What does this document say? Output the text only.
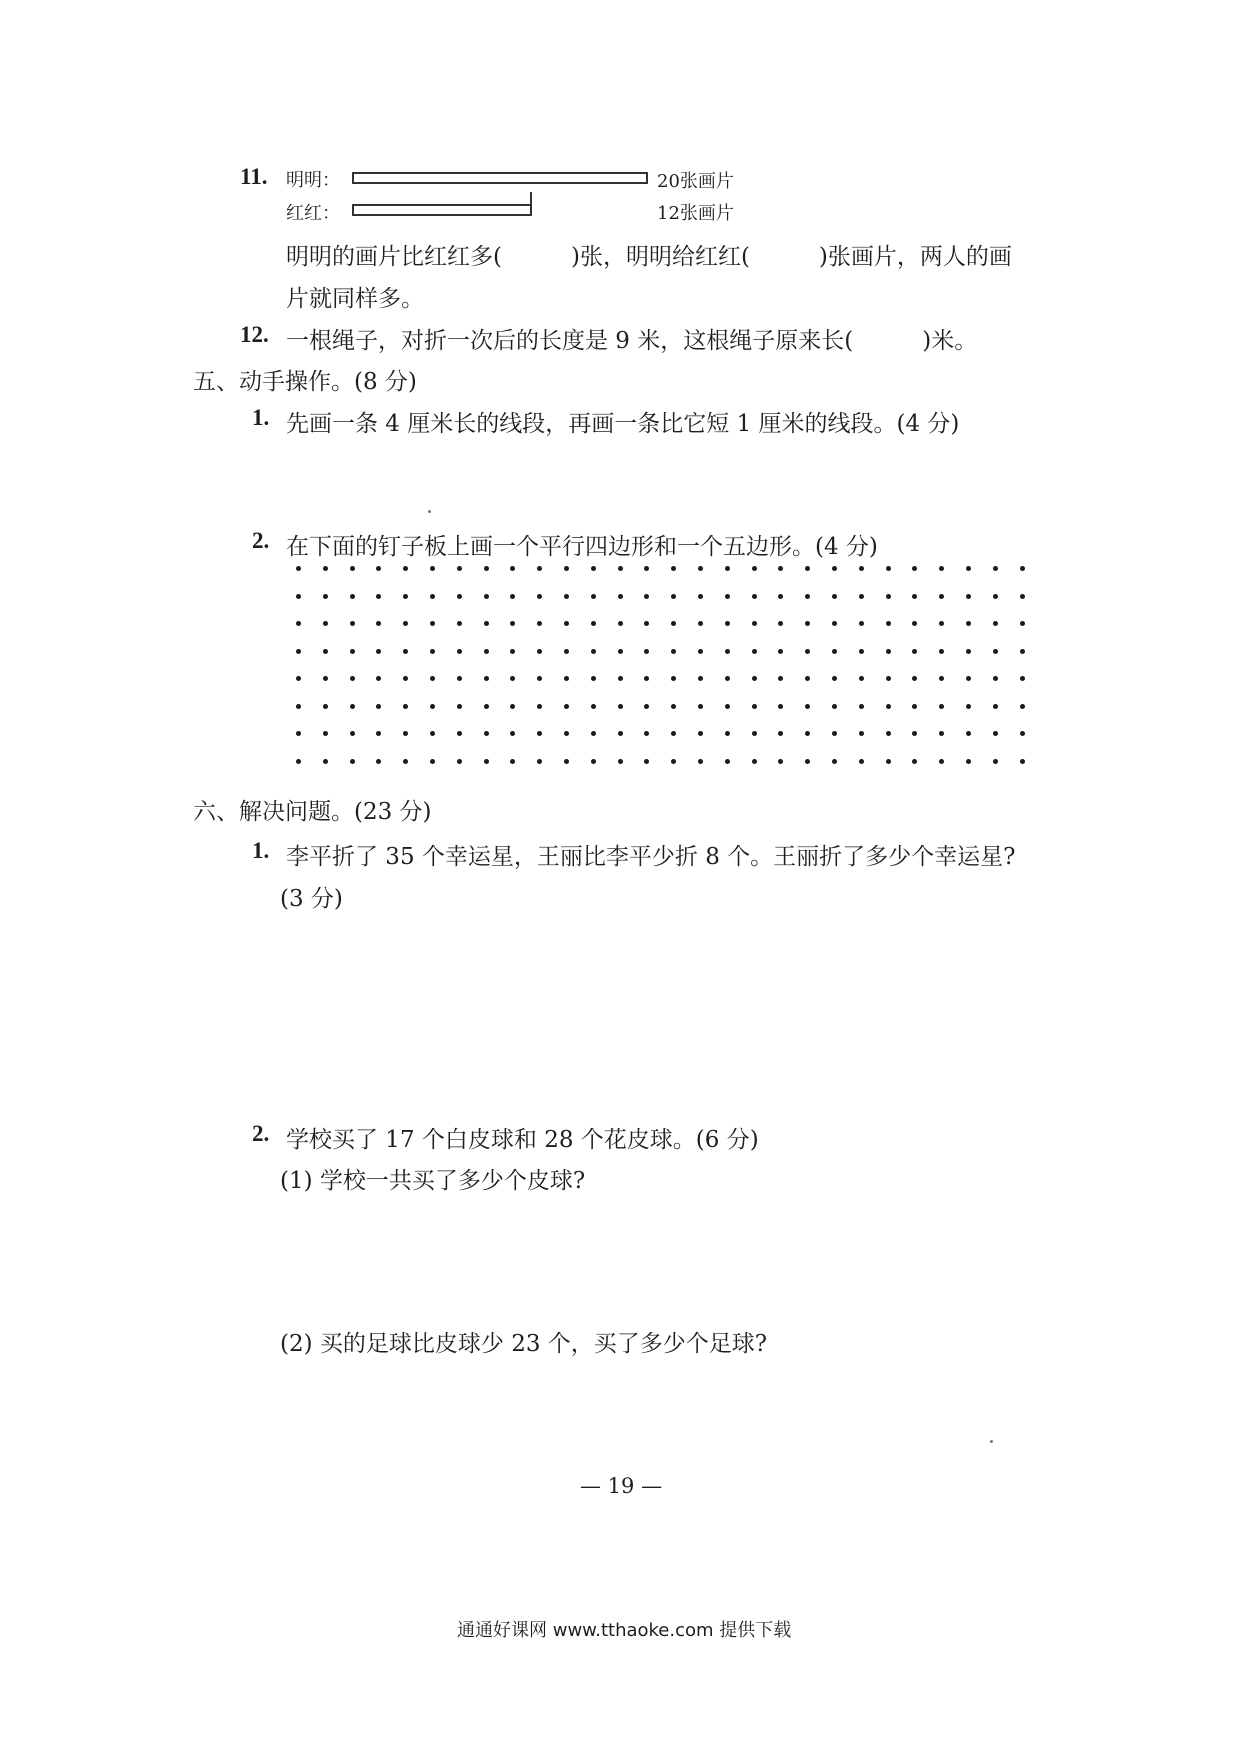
11. 明明：	20张画片
红红：	12张画片
明明的画片比红红多(　　　)张，明明给红红(　　　)张画片，两人的画
片就同样多。
12. 一根绳子，对折一次后的长度是 9 米，这根绳子原来长(　　　)米。
五、动手操作。(8 分)
1. 先画一条 4 厘米长的线段，再画一条比它短 1 厘米的线段。(4 分)
2. 在下面的钉子板上画一个平行四边形和一个五边形。(4 分)
六、解决问题。(23 分)
1. 李平折了 35 个幸运星，王丽比李平少折 8 个。王丽折了多少个幸运星?
(3 分)
2. 学校买了 17 个白皮球和 28 个花皮球。(6 分)
(1) 学校一共买了多少个皮球?
(2) 买的足球比皮球少 23 个，买了多少个足球?
— 19 —
通通好课网 www.tthaoke.com 提供下载
